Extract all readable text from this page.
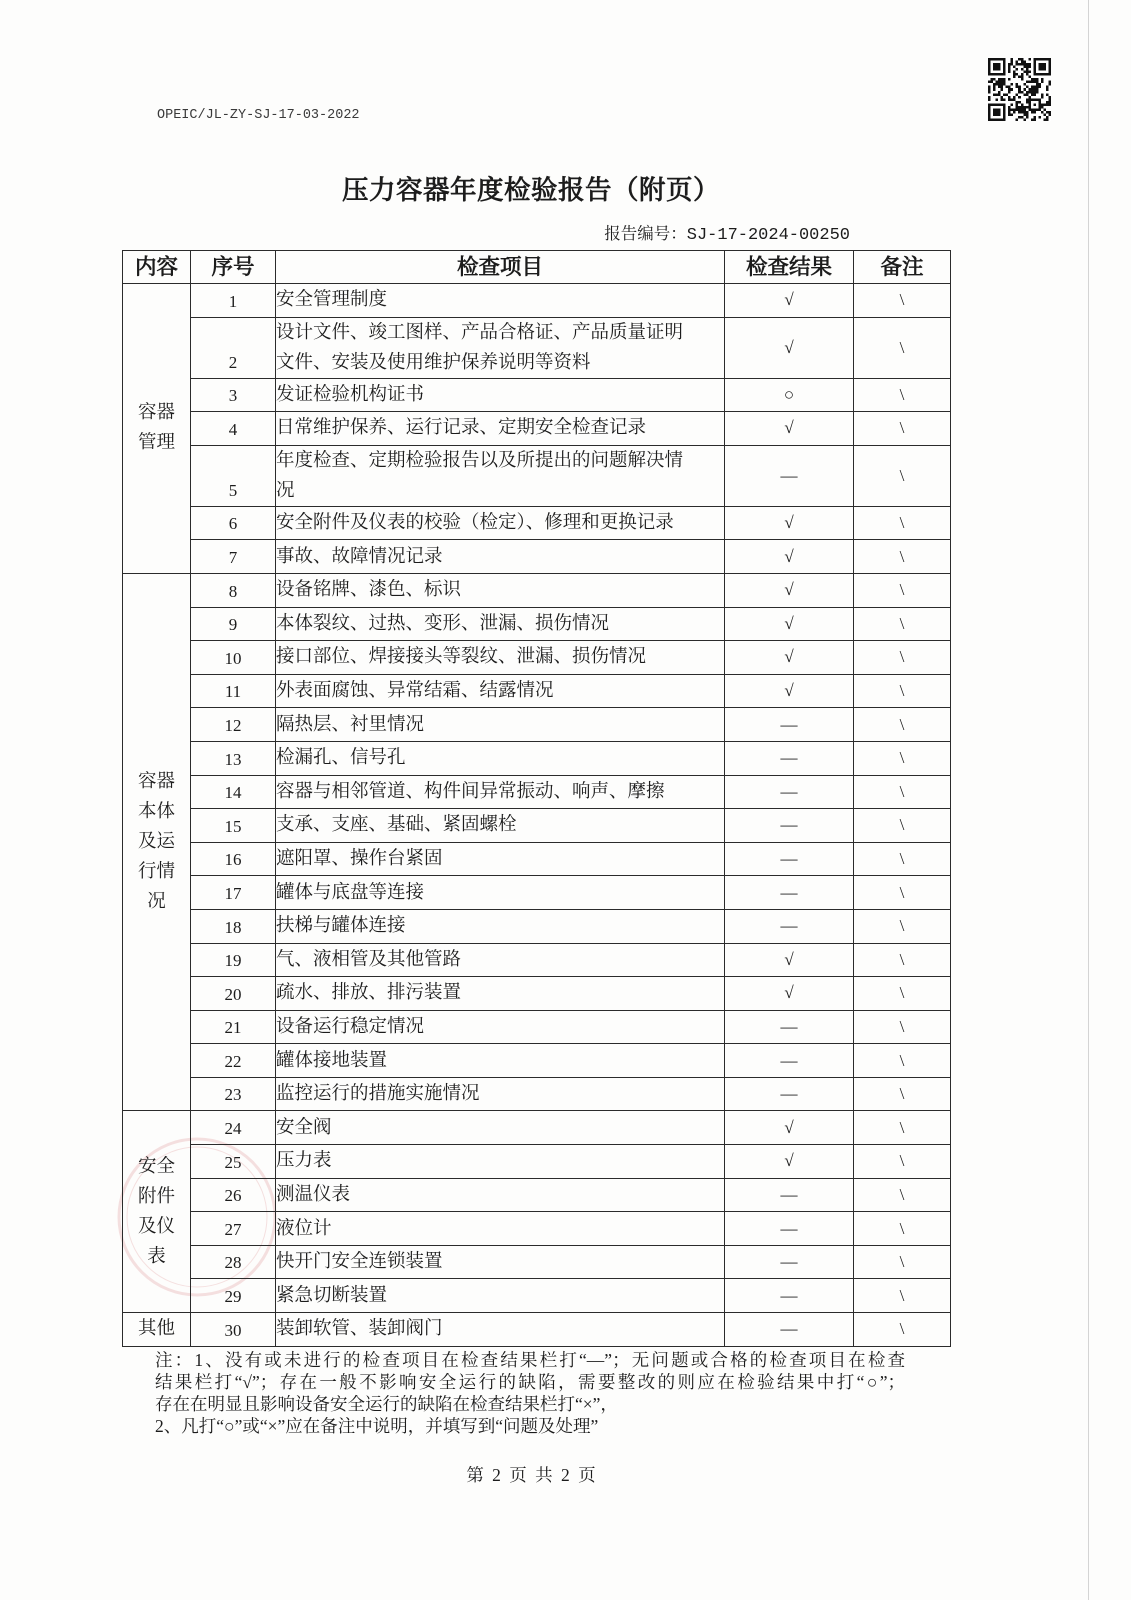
OPEIC/JL-ZY-SJ-17-03-2022
压力容器年度检验报告（附页）
报告编号：SJ-17-2024-00250
内容	序号	检查项目	检查结果	备注

容器管理	1	安全管理制度	√	\
	2	设计文件、竣工图样、产品合格证、产品质量证明文件、安装及使用维护保养说明等资料	√	\
	3	发证检验机构证书	○	\
	4	日常维护保养、运行记录、定期安全检查记录	√	\
	5	年度检查、定期检验报告以及所提出的问题解决情况	—	\
	6	安全附件及仪表的校验（检定）、修理和更换记录	√	\
	7	事故、故障情况记录	√	\

容器本体及运行情况	8	设备铭牌、漆色、标识	√	\
	9	本体裂纹、过热、变形、泄漏、损伤情况	√	\
	10	接口部位、焊接接头等裂纹、泄漏、损伤情况	√	\
	11	外表面腐蚀、异常结霜、结露情况	√	\
	12	隔热层、衬里情况	—	\
	13	检漏孔、信号孔	—	\
	14	容器与相邻管道、构件间异常振动、响声、摩擦	—	\
	15	支承、支座、基础、紧固螺栓	—	\
	16	遮阳罩、操作台紧固	—	\
	17	罐体与底盘等连接	—	\
	18	扶梯与罐体连接	—	\
	19	气、液相管及其他管路	√	\
	20	疏水、排放、排污装置	√	\
	21	设备运行稳定情况	—	\
	22	罐体接地装置	—	\
	23	监控运行的措施实施情况	—	\

安全附件及仪表	24	安全阀	√	\
	25	压力表	√	\
	26	测温仪表	—	\
	27	液位计	—	\
	28	快开门安全连锁装置	—	\
	29	紧急切断装置	—	\

其他	30	装卸软管、装卸阀门	—	\
注：1、没有或未进行的检查项目在检查结果栏打“—”；无问题或合格的检查项目在检查
结果栏打“√”；存在一般不影响安全运行的缺陷，需要整改的则应在检验结果中打“○”；
存在在明显且影响设备安全运行的缺陷在检查结果栏打“×”，
2、凡打“○”或“×”应在备注中说明，并填写到“问题及处理”
第 2 页 共 2 页
